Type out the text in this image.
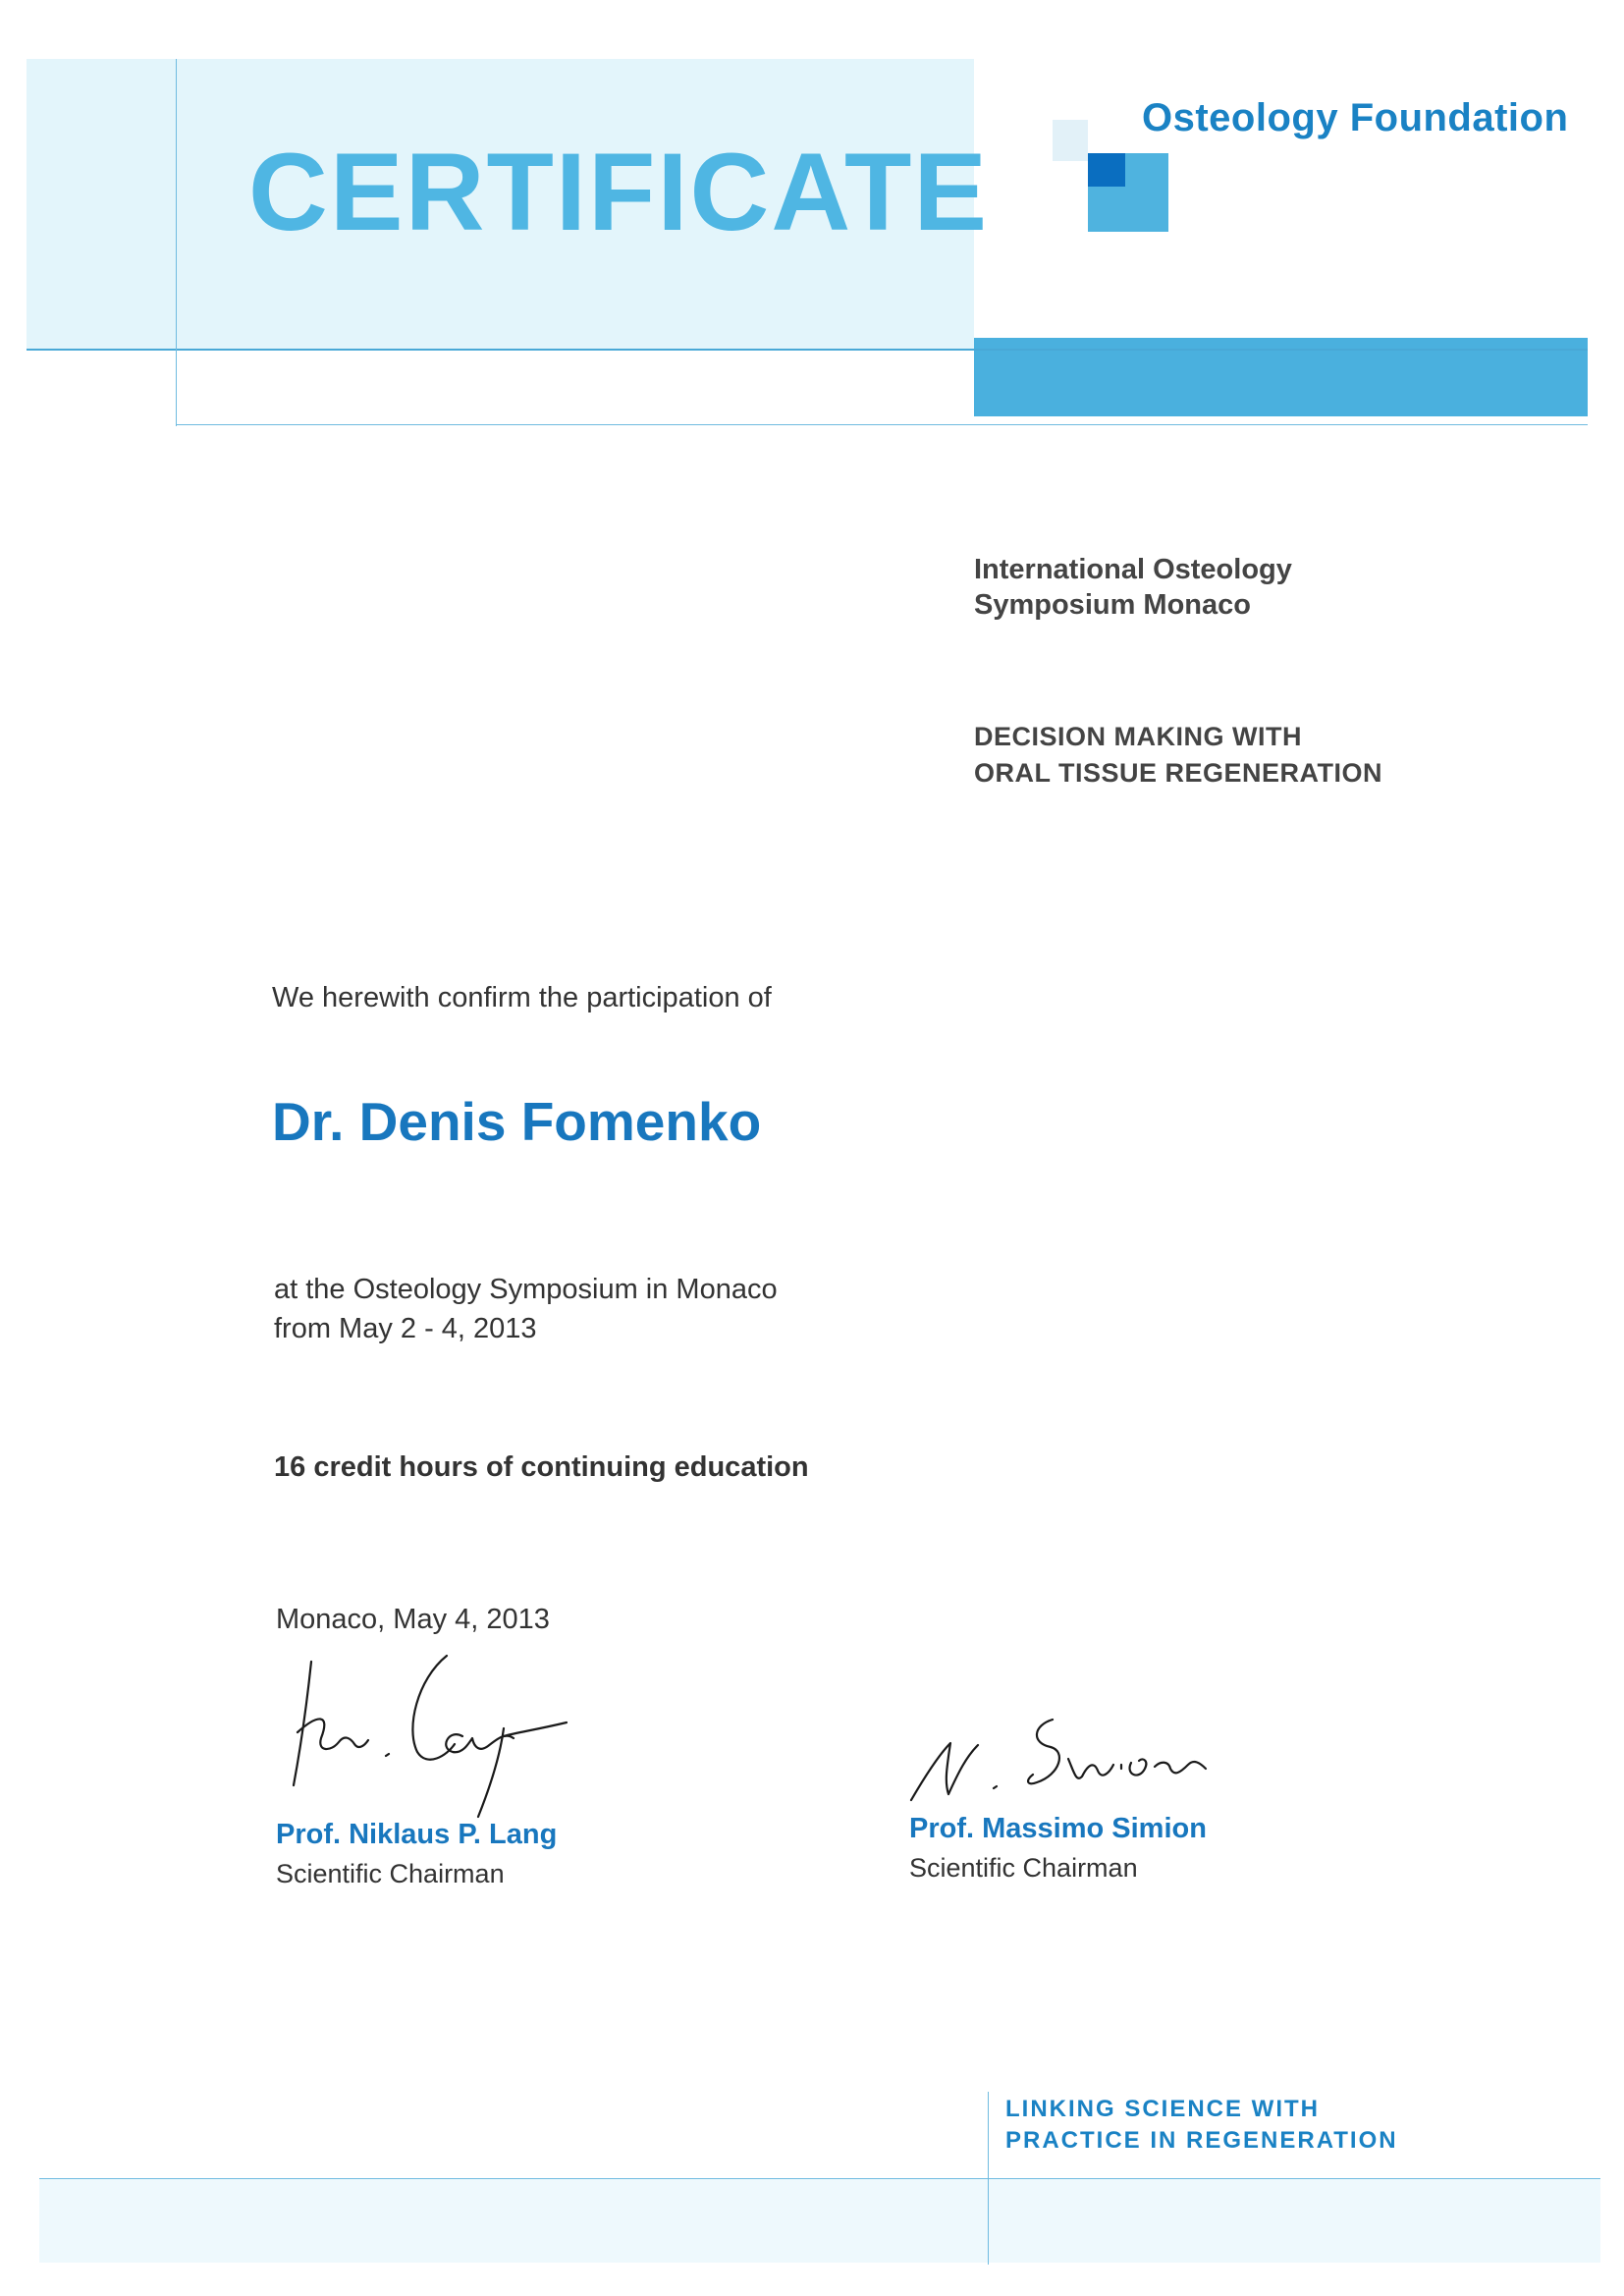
CERTIFICATE
Osteology Foundation
International Osteology
Symposium Monaco
DECISION MAKING WITH
ORAL TISSUE REGENERATION
We herewith confirm the participation of
Dr. Denis Fomenko
at the Osteology Symposium in Monaco
from May 2 - 4, 2013
16 credit hours of continuing education
Monaco, May 4, 2013
Prof. Niklaus P. Lang
Scientific Chairman
Prof. Massimo Simion
Scientific Chairman
LINKING SCIENCE WITH
PRACTICE IN REGENERATION
